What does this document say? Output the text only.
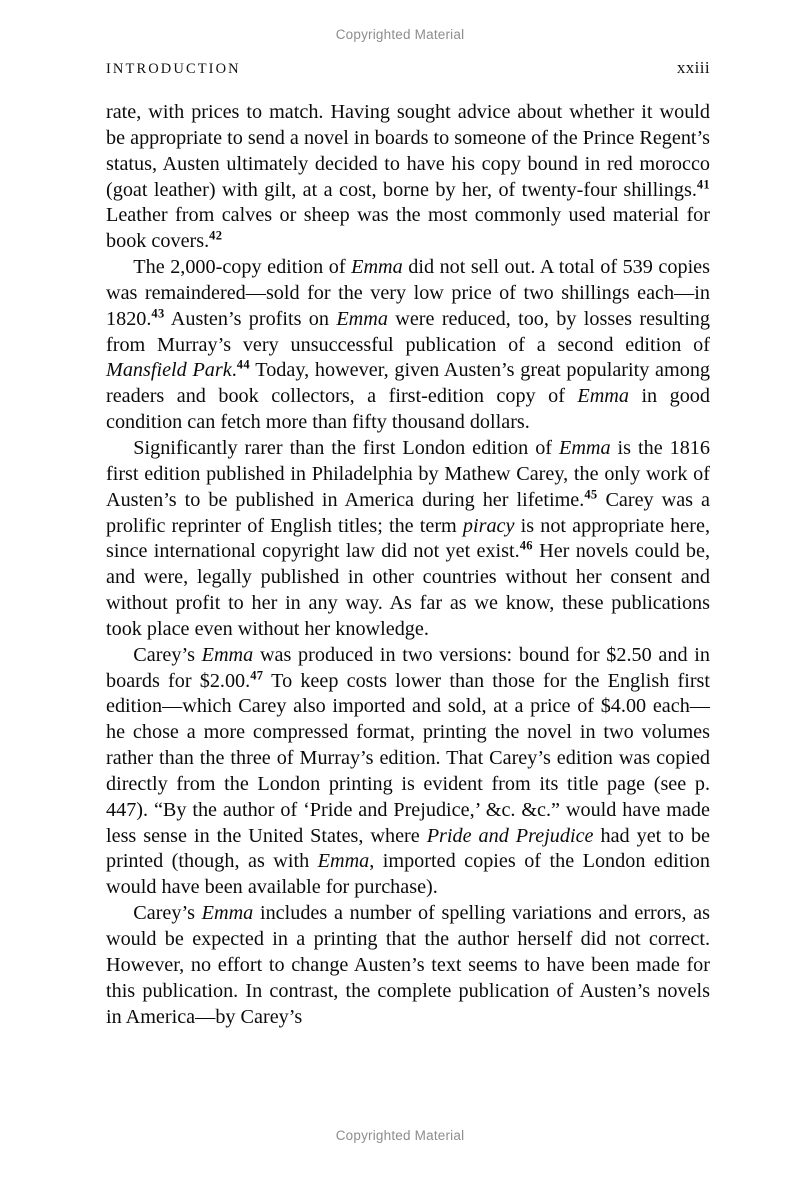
Copyrighted Material
INTRODUCTION	xxiii

rate, with prices to match. Having sought advice about whether it would be appropriate to send a novel in boards to someone of the Prince Regent’s status, Austen ultimately decided to have his copy bound in red morocco (goat leather) with gilt, at a cost, borne by her, of twenty-four shillings.$^{41}$ Leather from calves or sheep was the most commonly used material for book covers.$^{42}$

The 2,000-copy edition of Emma did not sell out. A total of 539 copies was remaindered—sold for the very low price of two shillings each—in 1820.43 Austen’s profits on Emma were reduced, too, by losses resulting from Murray’s very unsuccessful publication of a second edition of Mansfield Park.$^{44}$ Today, however, given Austen’s great popularity among readers and book collectors, a first-edition copy of Emma in good condition can fetch more than fifty thousand dollars.

Significantly rarer than the first London edition of Emma is the 1816 first edition published in Philadelphia by Mathew Carey, the only work of Austen’s to be published in America during her lifetime.$^{45}$ Carey was a prolific reprinter of English titles; the term piracy is not appropriate here, since international copyright law did not yet exist.$^{46}$ Her novels could be, and were, legally published in other countries without her consent and without profit to her in any way. As far as we know, these publications took place even without her knowledge.

Carey’s Emma was produced in two versions: bound for $2.50 and in boards for $2.00.47 To keep costs lower than those for the English first edition—which Carey also imported and sold, at a price of $4.00 each—he chose a more compressed format, printing the novel in two volumes rather than the three of Murray’s edition. That Carey’s edition was copied directly from the London printing is evident from its title page (see p. 447). “By the author of ‘Pride and Prejudice,’ &c. &c.” would have made less sense in the United States, where Pride and Prejudice had yet to be printed (though, as with Emma, imported copies of the London edition would have been available for purchase).

Carey’s Emma includes a number of spelling variations and errors, as would be expected in a printing that the author herself did not correct. However, no effort to change Austen’s text seems to have been made for this publication. In contrast, the complete publication of Austen’s novels in America—by Carey’s

Copyrighted Material
